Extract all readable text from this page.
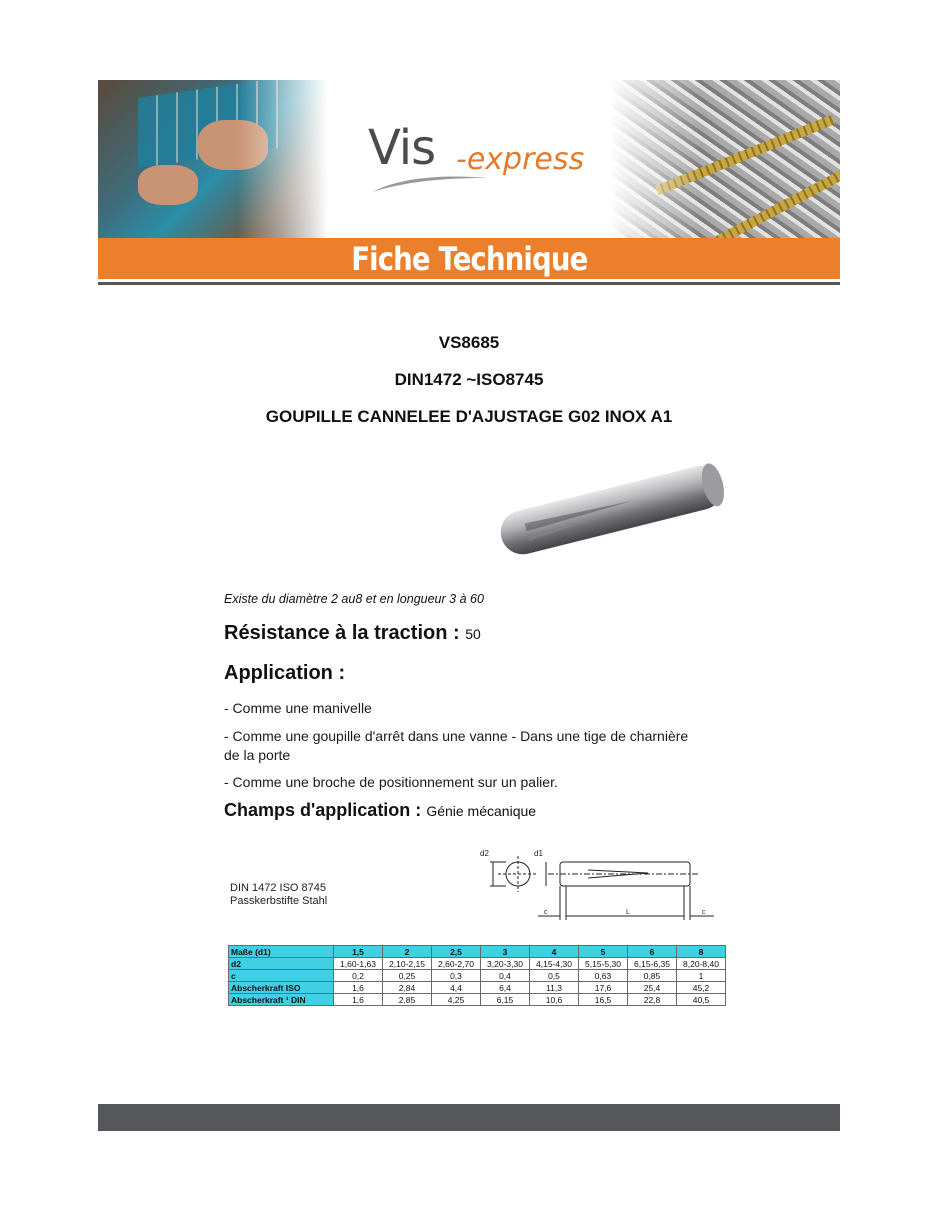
Vis -express
Fiche Technique
VS8685
DIN1472 ~ISO8745
GOUPILLE CANNELEE D'AJUSTAGE G02 INOX A1
Existe du diamètre 2 au8 et en longueur 3 à 60
Résistance à la traction : 50
Application :
- Comme une manivelle
- Comme une goupille d'arrêt dans une vanne - Dans une tige de charnière de la porte
- Comme une broche de positionnement sur un palier.
Champs d'application : Génie mécanique
DIN 1472 ISO 8745
Passkerbstifte Stahl
d2	d1
c	L	c
Maße (d1)	1,5	2	2,5	3	4	5	6	8
d2	1,60-1,63	2,10-2,15	2,60-2,70	3,20-3,30	4,15-4,30	5,15-5,30	6,15-6,35	8,20-8,40
c	0,2	0,25	0,3	0,4	0,5	0,63	0,85	1
Abscherkraft ISO	1,6	2,84	4,4	6,4	11,3	17,6	25,4	45,2
Abscherkraft ¹ DIN	1,6	2,85	4,25	6,15	10,6	16,5	22,8	40,5
